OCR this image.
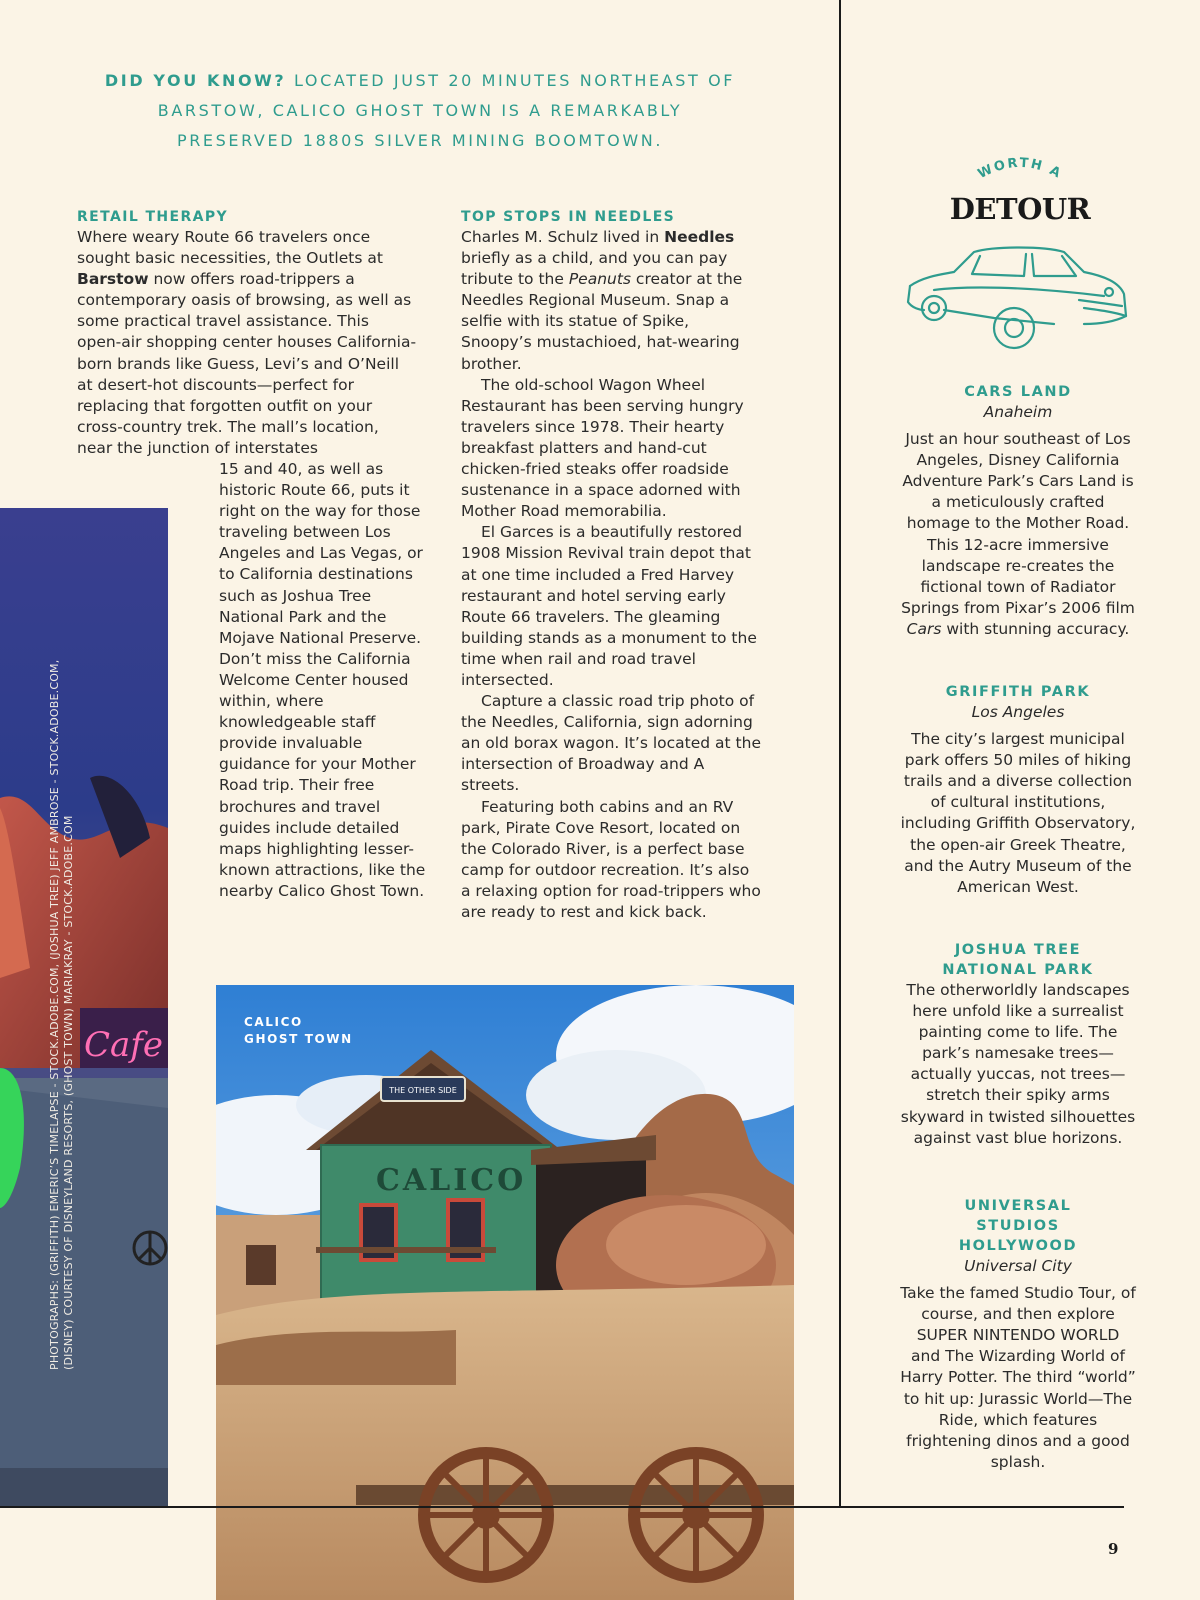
DID YOU KNOW? LOCATED JUST 20 MINUTES NORTHEAST OF BARSTOW, CALICO GHOST TOWN IS A REMARKABLY PRESERVED 1880S SILVER MINING BOOMTOWN.

RETAIL THERAPY

Where weary Route 66 travelers once sought basic necessities, the Outlets at Barstow now offers road-trippers a contemporary oasis of browsing, as well as some practical travel assistance. This open-air shopping center houses California-born brands like Guess, Levi’s and O’Neill at desert-hot discounts—perfect for replacing that forgotten outfit on your cross-country trek. The mall’s location, near the junction of interstates

15 and 40, as well as historic Route 66, puts it right on the way for those traveling between Los Angeles and Las Vegas, or to California destinations such as Joshua Tree National Park and the Mojave National Preserve. Don’t miss the California Welcome Center housed within, where knowledgeable staff provide invaluable guidance for your Mother Road trip. Their free brochures and travel guides include detailed maps highlighting lesser-known attractions, like the nearby Calico Ghost Town.

TOP STOPS IN NEEDLES

Charles M. Schulz lived in Needles briefly as a child, and you can pay tribute to the Peanuts creator at the Needles Regional Museum. Snap a selfie with its statue of Spike, Snoopy’s mustachioed, hat-wearing brother.

The old-school Wagon Wheel Restaurant has been serving hungry travelers since 1978. Their hearty breakfast platters and hand-cut chicken-fried steaks offer roadside sustenance in a space adorned with Mother Road memorabilia.

El Garces is a beautifully restored 1908 Mission Revival train depot that at one time included a Fred Harvey restaurant and hotel serving early Route 66 travelers. The gleaming building stands as a monument to the time when rail and road travel intersected.

Capture a classic road trip photo of the Needles, California, sign adorning an old borax wagon. It’s located at the intersection of Broadway and A streets.

Featuring both cabins and an RV park, Pirate Cove Resort, located on the Colorado River, is a perfect base camp for outdoor recreation. It’s also a relaxing option for road-trippers who are ready to rest and kick back.

Cafe
PHOTOGRAPHS: (GRIFFITH) EMERIC’S TIMELAPSE - STOCK.ADOBE.COM, (JOSHUA TREE) JEFF AMBROSE - STOCK.ADOBE.COM, (DISNEY) COURTESY OF DISNEYLAND RESORTS, (GHOST TOWN) MARIAKRAY - STOCK.ADOBE.COM	CALICO
THE OTHER SIDE
CALICO GHOST TOWN
WORTH A
DETOUR

CARS LAND

Anaheim

Just an hour southeast of Los Angeles, Disney California Adventure Park’s Cars Land is a meticulously crafted homage to the Mother Road. This 12-acre immersive landscape re-creates the fictional town of Radiator Springs from Pixar’s 2006 film Cars with stunning accuracy.

GRIFFITH PARK

Los Angeles

The city’s largest municipal park offers 50 miles of hiking trails and a diverse collection of cultural institutions, including Griffith Observatory, the open-air Greek Theatre, and the Autry Museum of the American West.

JOSHUA TREE NATIONAL PARK

The otherworldly landscapes here unfold like a surrealist painting come to life. The park’s namesake trees—actually yuccas, not trees—stretch their spiky arms skyward in twisted silhouettes against vast blue horizons.

UNIVERSAL STUDIOS HOLLYWOOD

Universal City

Take the famed Studio Tour, of course, and then explore SUPER NINTENDO WORLD and The Wizarding World of Harry Potter. The third “world” to hit up: Jurassic World—The Ride, which features frightening dinos and a good splash.

9
